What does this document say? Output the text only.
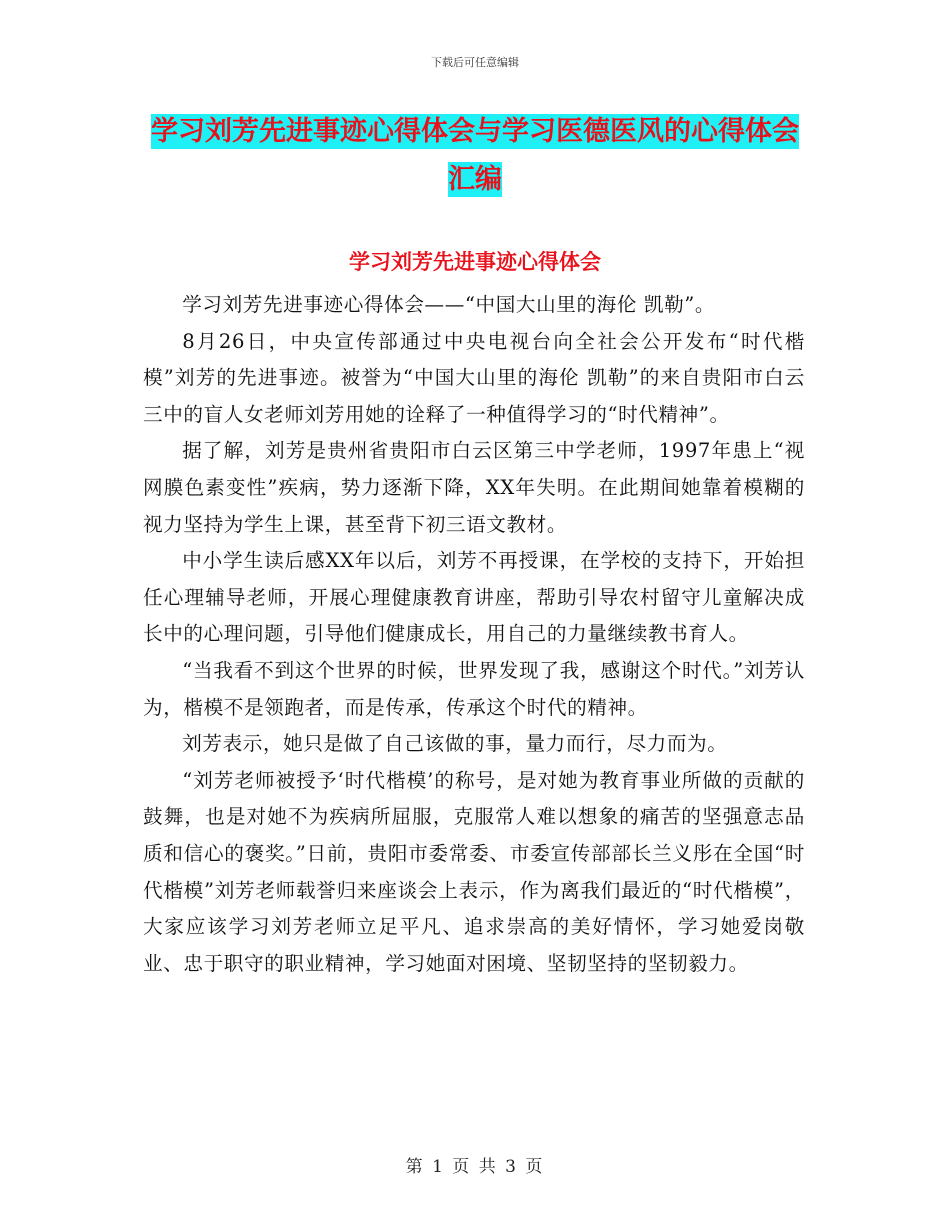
下载后可任意编辑
学习刘芳先进事迹心得体会与学习医德医风的心得体会汇编
学习刘芳先进事迹心得体会

学习刘芳先进事迹心得体会——“中国大山里的海伦 凯勒”。

8月26日，中央宣传部通过中央电视台向全社会公开发布“时代楷模”刘芳的先进事迹。被誉为“中国大山里的海伦 凯勒”的来自贵阳市白云三中的盲人女老师刘芳用她的诠释了一种值得学习的“时代精神”。

据了解，刘芳是贵州省贵阳市白云区第三中学老师，1997年患上“视网膜色素变性”疾病，势力逐渐下降，XX年失明。在此期间她靠着模糊的视力坚持为学生上课，甚至背下初三语文教材。

中小学生读后感XX年以后，刘芳不再授课，在学校的支持下，开始担任心理辅导老师，开展心理健康教育讲座，帮助引导农村留守儿童解决成长中的心理问题，引导他们健康成长，用自己的力量继续教书育人。

“当我看不到这个世界的时候，世界发现了我，感谢这个时代。”刘芳认为，楷模不是领跑者，而是传承，传承这个时代的精神。

刘芳表示，她只是做了自己该做的事，量力而行，尽力而为。

“刘芳老师被授予‘时代楷模’的称号，是对她为教育事业所做的贡献的鼓舞，也是对她不为疾病所屈服，克服常人难以想象的痛苦的坚强意志品质和信心的褒奖。”日前，贵阳市委常委、市委宣传部部长兰义彤在全国“时代楷模”刘芳老师载誉归来座谈会上表示，作为离我们最近的“时代楷模”，大家应该学习刘芳老师立足平凡、追求崇高的美好情怀，学习她爱岗敬业、忠于职守的职业精神，学习她面对困境、坚韧坚持的坚韧毅力。

第 1 页 共 3 页
